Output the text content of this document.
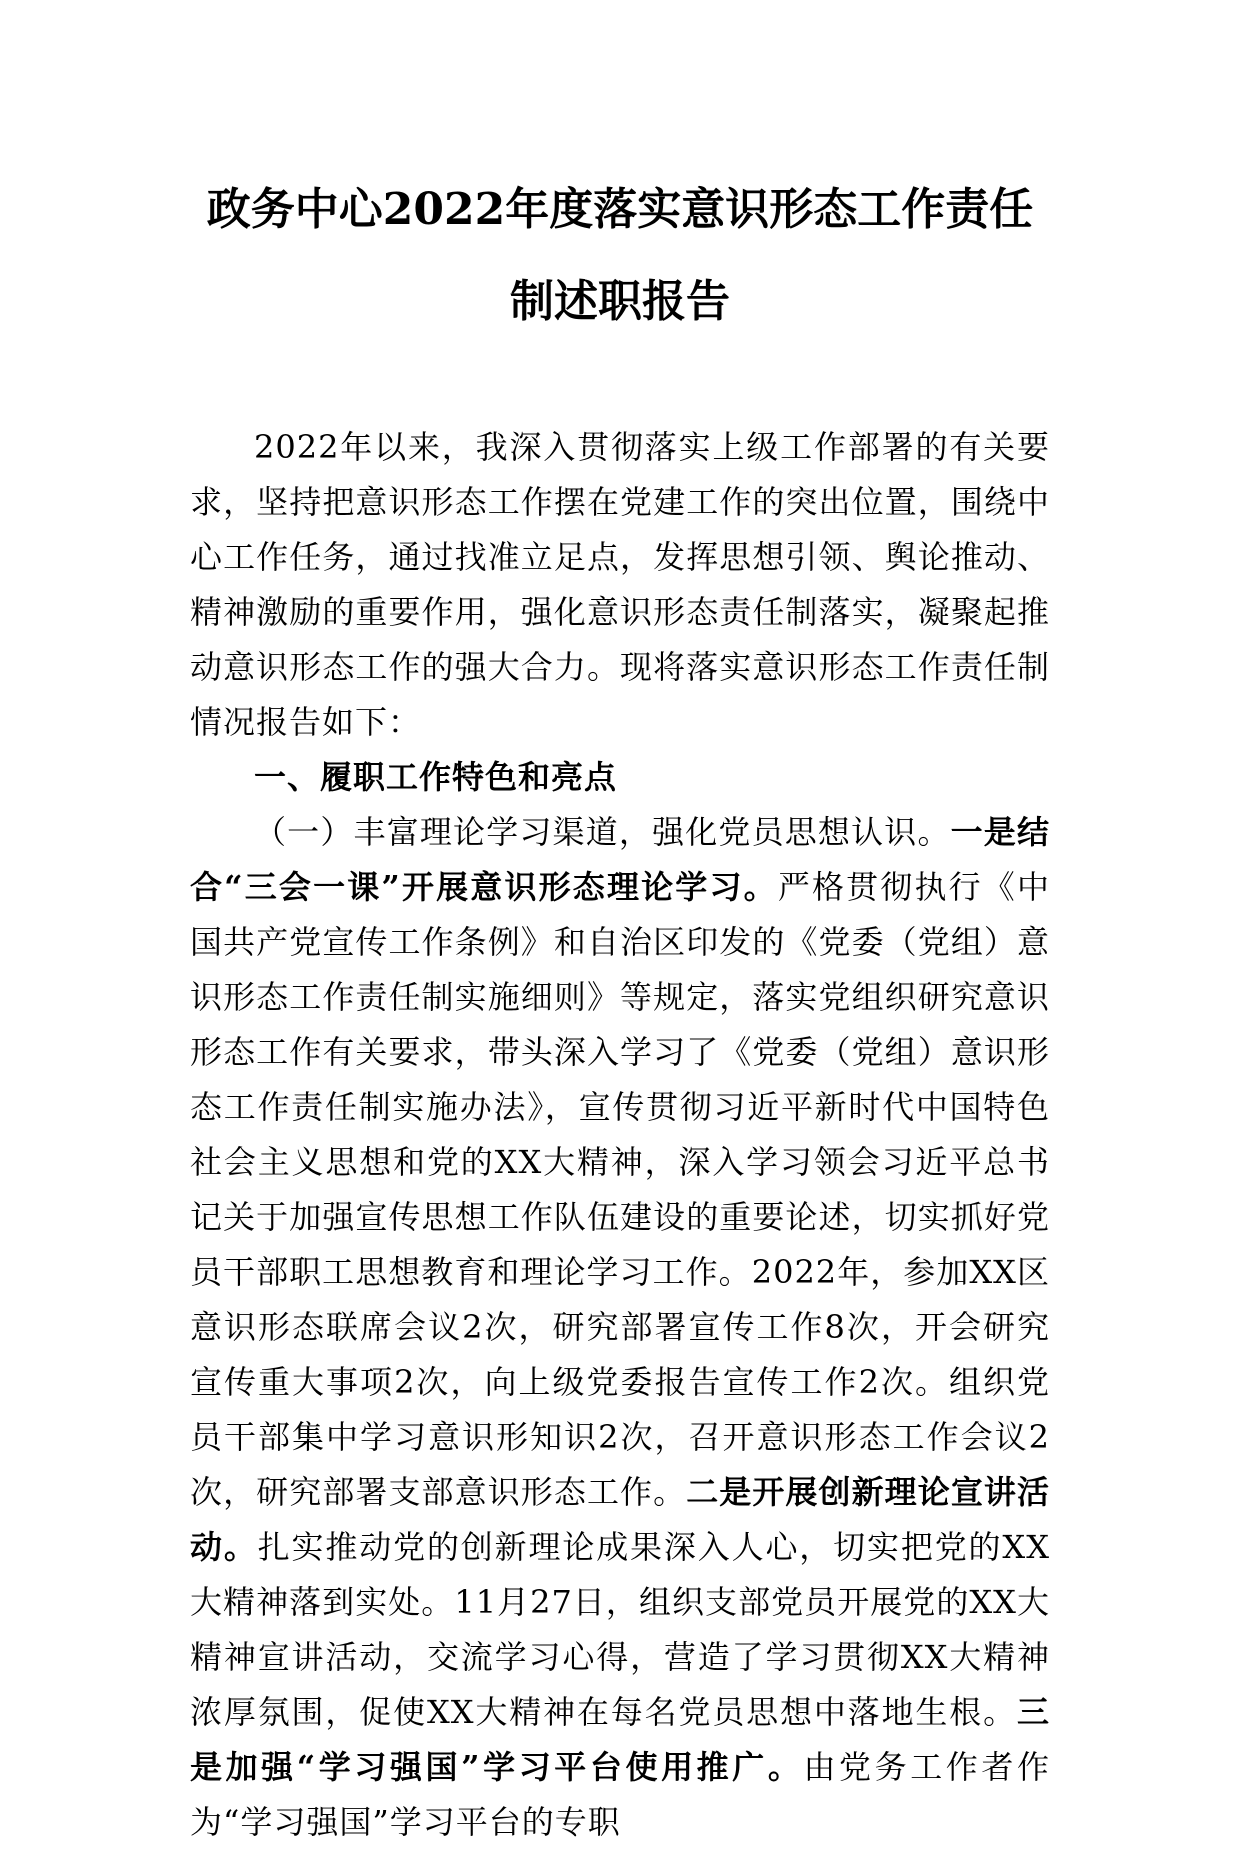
政务中心2022年度落实意识形态工作责任
制述职报告

2022年以来，我深入贯彻落实上级工作部署的有关要求，坚持把意识形态工作摆在党建工作的突出位置，围绕中心工作任务，通过找准立足点，发挥思想引领、舆论推动、精神激励的重要作用，强化意识形态责任制落实，凝聚起推动意识形态工作的强大合力。现将落实意识形态工作责任制情况报告如下：

一、履职工作特色和亮点

（一）丰富理论学习渠道，强化党员思想认识。一是结合“三会一课”开展意识形态理论学习。严格贯彻执行《中国共产党宣传工作条例》和自治区印发的《党委（党组）意识形态工作责任制实施细则》等规定，落实党组织研究意识形态工作有关要求，带头深入学习了《党委（党组）意识形态工作责任制实施办法》，宣传贯彻习近平新时代中国特色社会主义思想和党的XX大精神，深入学习领会习近平总书记关于加强宣传思想工作队伍建设的重要论述，切实抓好党员干部职工思想教育和理论学习工作。2022年，参加XX区意识形态联席会议2次，研究部署宣传工作8次，开会研究宣传重大事项2次，向上级党委报告宣传工作2次。组织党员干部集中学习意识形知识2次，召开意识形态工作会议2次，研究部署支部意识形态工作。二是开展创新理论宣讲活动。扎实推动党的创新理论成果深入人心，切实把党的XX大精神落到实处。11月27日，组织支部党员开展党的XX大精神宣讲活动，交流学习心得，营造了学习贯彻XX大精神浓厚氛围，促使XX大精神在每名党员思想中落地生根。三是加强“学习强国”学习平台使用推广。由党务工作者作为“学习强国”学习平台的专职
